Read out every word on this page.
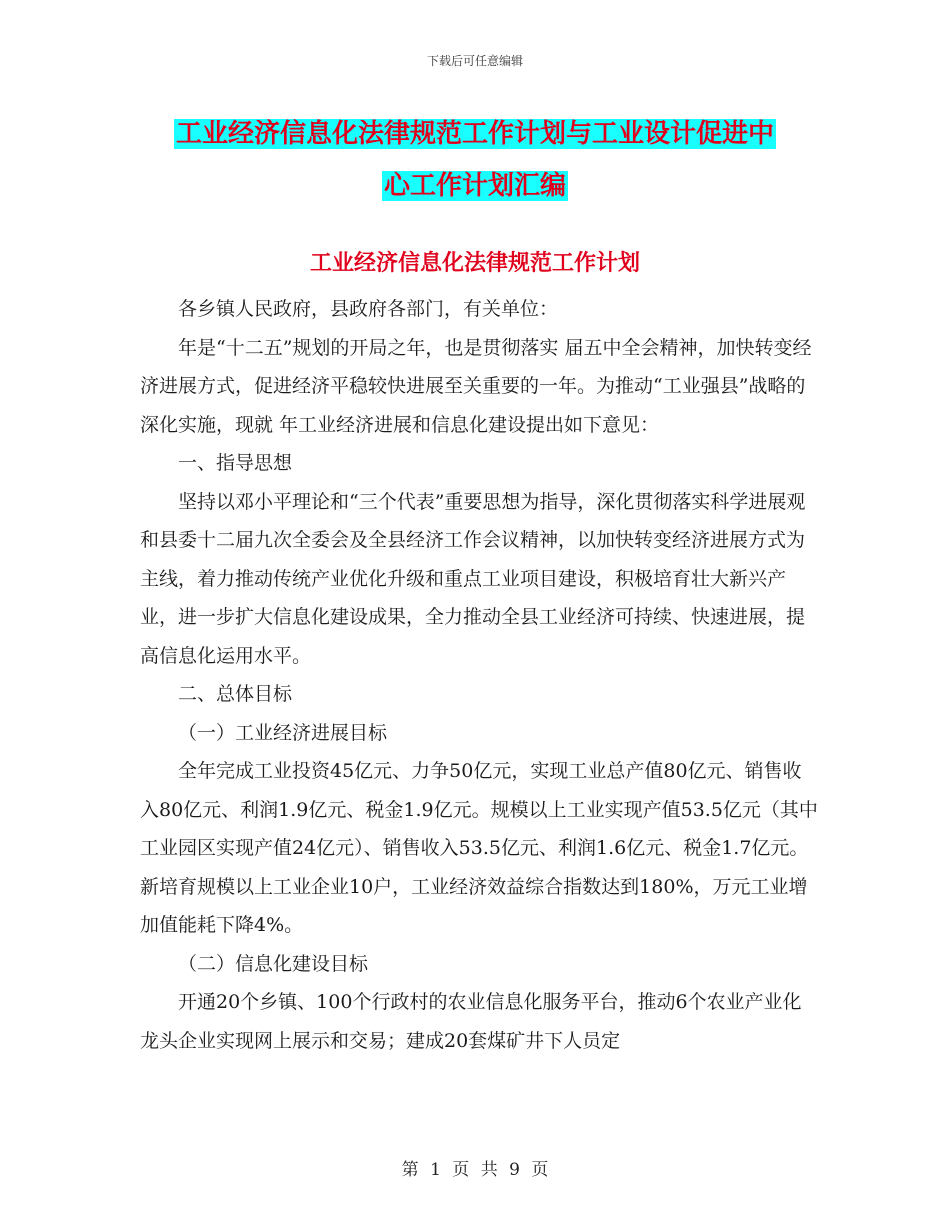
下载后可任意编辑
工业经济信息化法律规范工作计划与工业设计促进中
心工作计划汇编
工业经济信息化法律规范工作计划

各乡镇人民政府，县政府各部门，有关单位：

年是“十二五”规划的开局之年，也是贯彻落实 届五中全会精神，加快转变经济进展方式，促进经济平稳较快进展至关重要的一年。为推动“工业强县”战略的深化实施，现就 年工业经济进展和信息化建设提出如下意见：

一、指导思想

坚持以邓小平理论和“三个代表”重要思想为指导，深化贯彻落实科学进展观和县委十二届九次全委会及全县经济工作会议精神，以加快转变经济进展方式为主线，着力推动传统产业优化升级和重点工业项目建设，积极培育壮大新兴产业，进一步扩大信息化建设成果，全力推动全县工业经济可持续、快速进展，提高信息化运用水平。

二、总体目标

（一）工业经济进展目标

全年完成工业投资45亿元、力争50亿元，实现工业总产值80亿元、销售收入80亿元、利润1.9亿元、税金1.9亿元。规模以上工业实现产值53.5亿元（其中工业园区实现产值24亿元）、销售收入53.5亿元、利润1.6亿元、税金1.7亿元。新培育规模以上工业企业10户，工业经济效益综合指数达到180%，万元工业增加值能耗下降4%。

（二）信息化建设目标

开通20个乡镇、100个行政村的农业信息化服务平台，推动6个农业产业化龙头企业实现网上展示和交易；建成20套煤矿井下人员定

第 1 页 共 9 页
